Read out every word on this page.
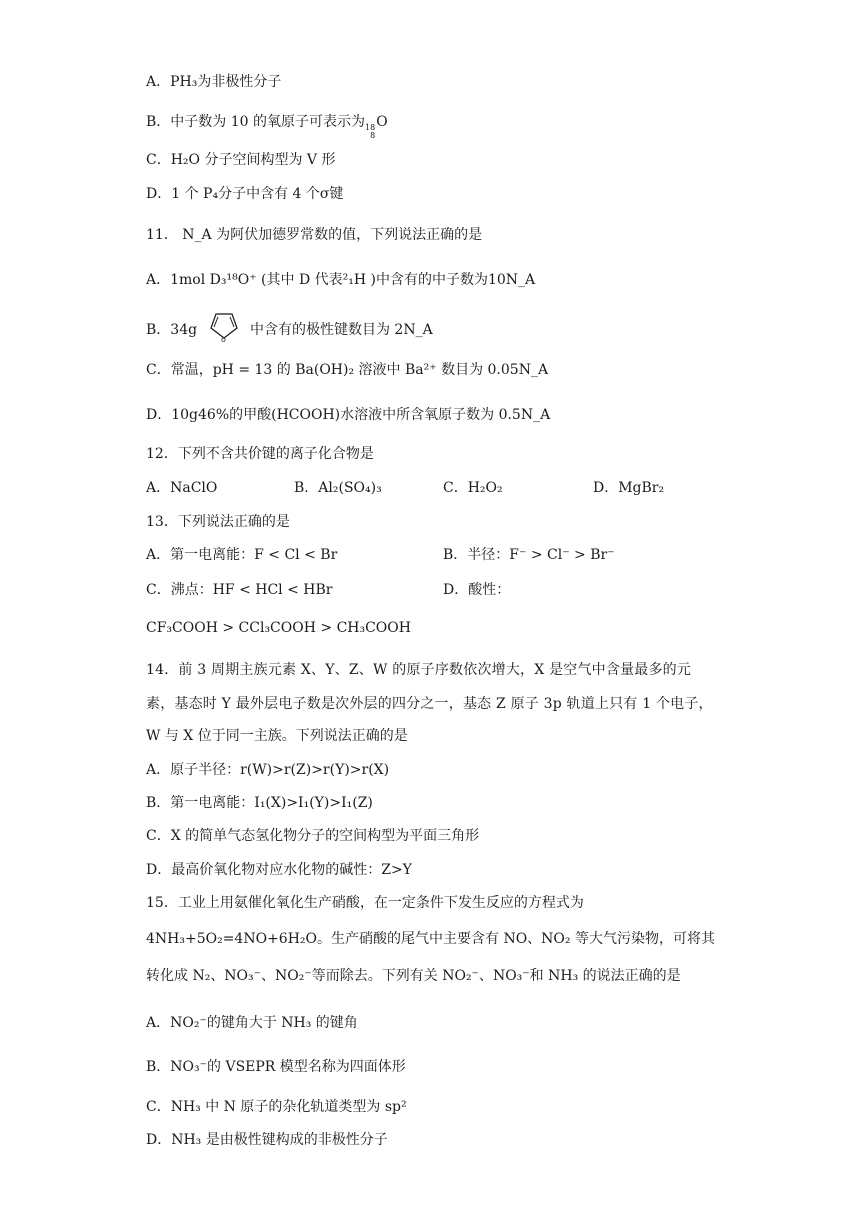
A．PH₃为非极性分子
B．中子数为 10 的氧原子可表示为 18
8
O
C．H₂O 分子空间构型为 V 形
D．1 个 P₄分子中含有 4 个σ键
11． N_A 为阿伏加德罗常数的值，下列说法正确的是
A．1mol D₃¹⁸O⁺ (其中 D 代表²₁H )中含有的中子数为10N_A
B．34g
o
中含有的极性键数目为 2N_A
C．常温，pH = 13 的 Ba(OH)₂ 溶液中 Ba²⁺ 数目为 0.05N_A
D．10g46%的甲酸(HCOOH)水溶液中所含氧原子数为 0.5N_A
12．下列不含共价键的离子化合物是
A．NaClO	B．Al₂(SO₄)₃	C．H₂O₂	D．MgBr₂
13．下列说法正确的是
A．第一电离能：F < Cl < Br	B．半径：F⁻ > Cl⁻ > Br⁻
C．沸点：HF < HCl < HBr	D．酸性：
CF₃COOH > CCl₃COOH > CH₃COOH
14．前 3 周期主族元素 X、Y、Z、W 的原子序数依次增大，X 是空气中含量最多的元
素，基态时 Y 最外层电子数是次外层的四分之一，基态 Z 原子 3p 轨道上只有 1 个电子，
W 与 X 位于同一主族。下列说法正确的是
A．原子半径：r(W)>r(Z)>r(Y)>r(X)
B．第一电离能：I₁(X)>I₁(Y)>I₁(Z)
C．X 的简单气态氢化物分子的空间构型为平面三角形
D．最高价氧化物对应水化物的碱性：Z>Y
15．工业上用氨催化氧化生产硝酸，在一定条件下发生反应的方程式为
4NH₃+5O₂=4NO+6H₂O。生产硝酸的尾气中主要含有 NO、NO₂ 等大气污染物，可将其
转化成 N₂、NO₃⁻、NO₂⁻等而除去。下列有关 NO₂⁻、NO₃⁻和 NH₃ 的说法正确的是
A．NO₂⁻的键角大于 NH₃ 的键角
B．NO₃⁻的 VSEPR 模型名称为四面体形
C．NH₃ 中 N 原子的杂化轨道类型为 sp²
D．NH₃ 是由极性键构成的非极性分子
